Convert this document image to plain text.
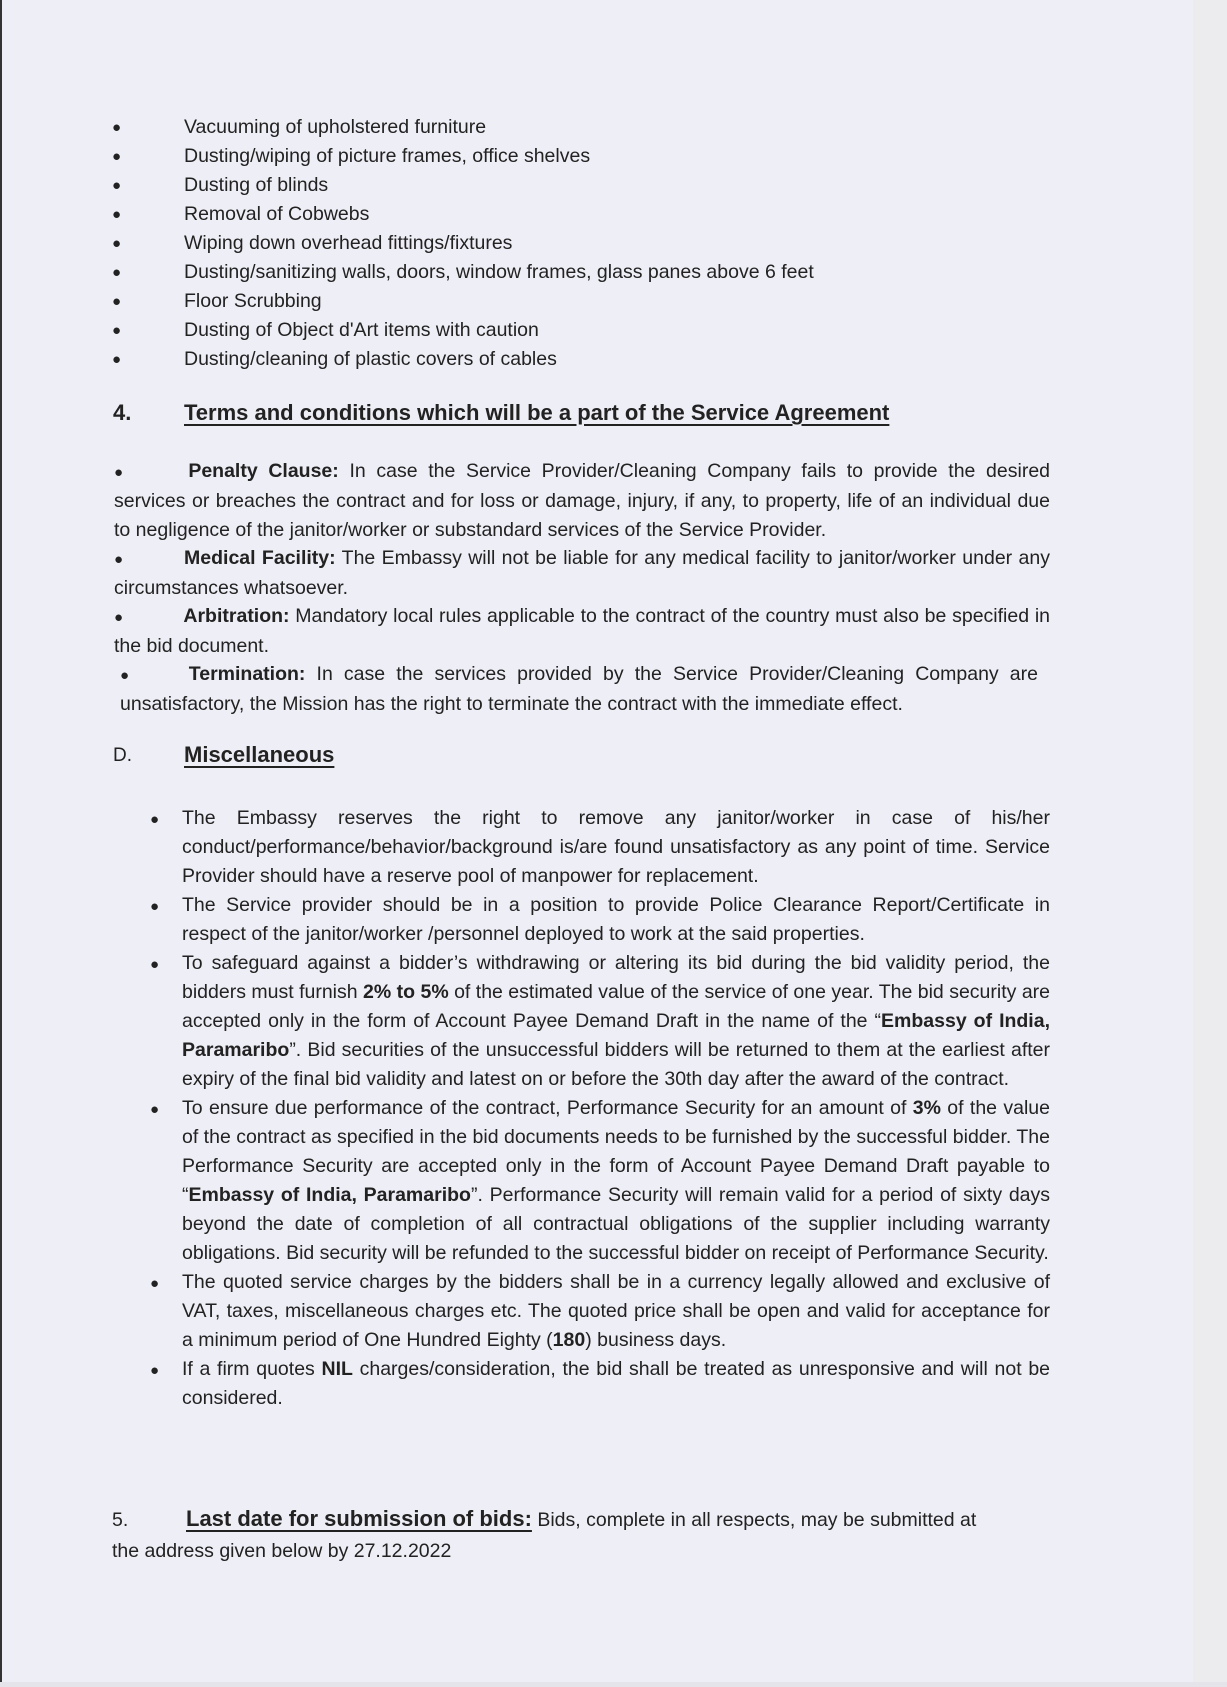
●	Vacuuming of upholstered furniture
●	Dusting/wiping of picture frames, office shelves
●	Dusting of blinds
●	Removal of Cobwebs
●	Wiping down overhead fittings/fixtures
●	Dusting/sanitizing walls, doors, window frames, glass panes above 6 feet
●	Floor Scrubbing
●	Dusting of Object d'Art items with caution
●	Dusting/cleaning of plastic covers of cables
4. Terms and conditions which will be a part of the Service Agreement
●	Penalty Clause: In case the Service Provider/Cleaning Company fails to provide the desired services or breaches the contract and for loss or damage, injury, if any, to property, life of an individual due to negligence of the janitor/worker or substandard services of the Service Provider.
●	Medical Facility: The Embassy will not be liable for any medical facility to janitor/worker under any circumstances whatsoever.
●	Arbitration: Mandatory local rules applicable to the contract of the country must also be specified in the bid document.
●	Termination: In case the services provided by the Service Provider/Cleaning Company are unsatisfactory, the Mission has the right to terminate the contract with the immediate effect.
D. Miscellaneous
●	The Embassy reserves the right to remove any janitor/worker in case of his/her conduct/performance/behavior/background is/are found unsatisfactory as any point of time. Service Provider should have a reserve pool of manpower for replacement.
●	The Service provider should be in a position to provide Police Clearance Report/Certificate in respect of the janitor/worker /personnel deployed to work at the said properties.
●	To safeguard against a bidder’s withdrawing or altering its bid during the bid validity period, the bidders must furnish 2% to 5% of the estimated value of the service of one year. The bid security are accepted only in the form of Account Payee Demand Draft in the name of the “Embassy of India, Paramaribo”. Bid securities of the unsuccessful bidders will be returned to them at the earliest after expiry of the final bid validity and latest on or before the 30th day after the award of the contract.
●	To ensure due performance of the contract, Performance Security for an amount of 3% of the value of the contract as specified in the bid documents needs to be furnished by the successful bidder. The Performance Security are accepted only in the form of Account Payee Demand Draft payable to “Embassy of India, Paramaribo”. Performance Security will remain valid for a period of sixty days beyond the date of completion of all contractual obligations of the supplier including warranty obligations. Bid security will be refunded to the successful bidder on receipt of Performance Security.
●	The quoted service charges by the bidders shall be in a currency legally allowed and exclusive of VAT, taxes, miscellaneous charges etc. The quoted price shall be open and valid for acceptance for a minimum period of One Hundred Eighty (180) business days.
●	If a firm quotes NIL charges/consideration, the bid shall be treated as unresponsive and will not be considered.
5.	Last date for submission of bids: Bids, complete in all respects, may be submitted at
the address given below by 27.12.2022
